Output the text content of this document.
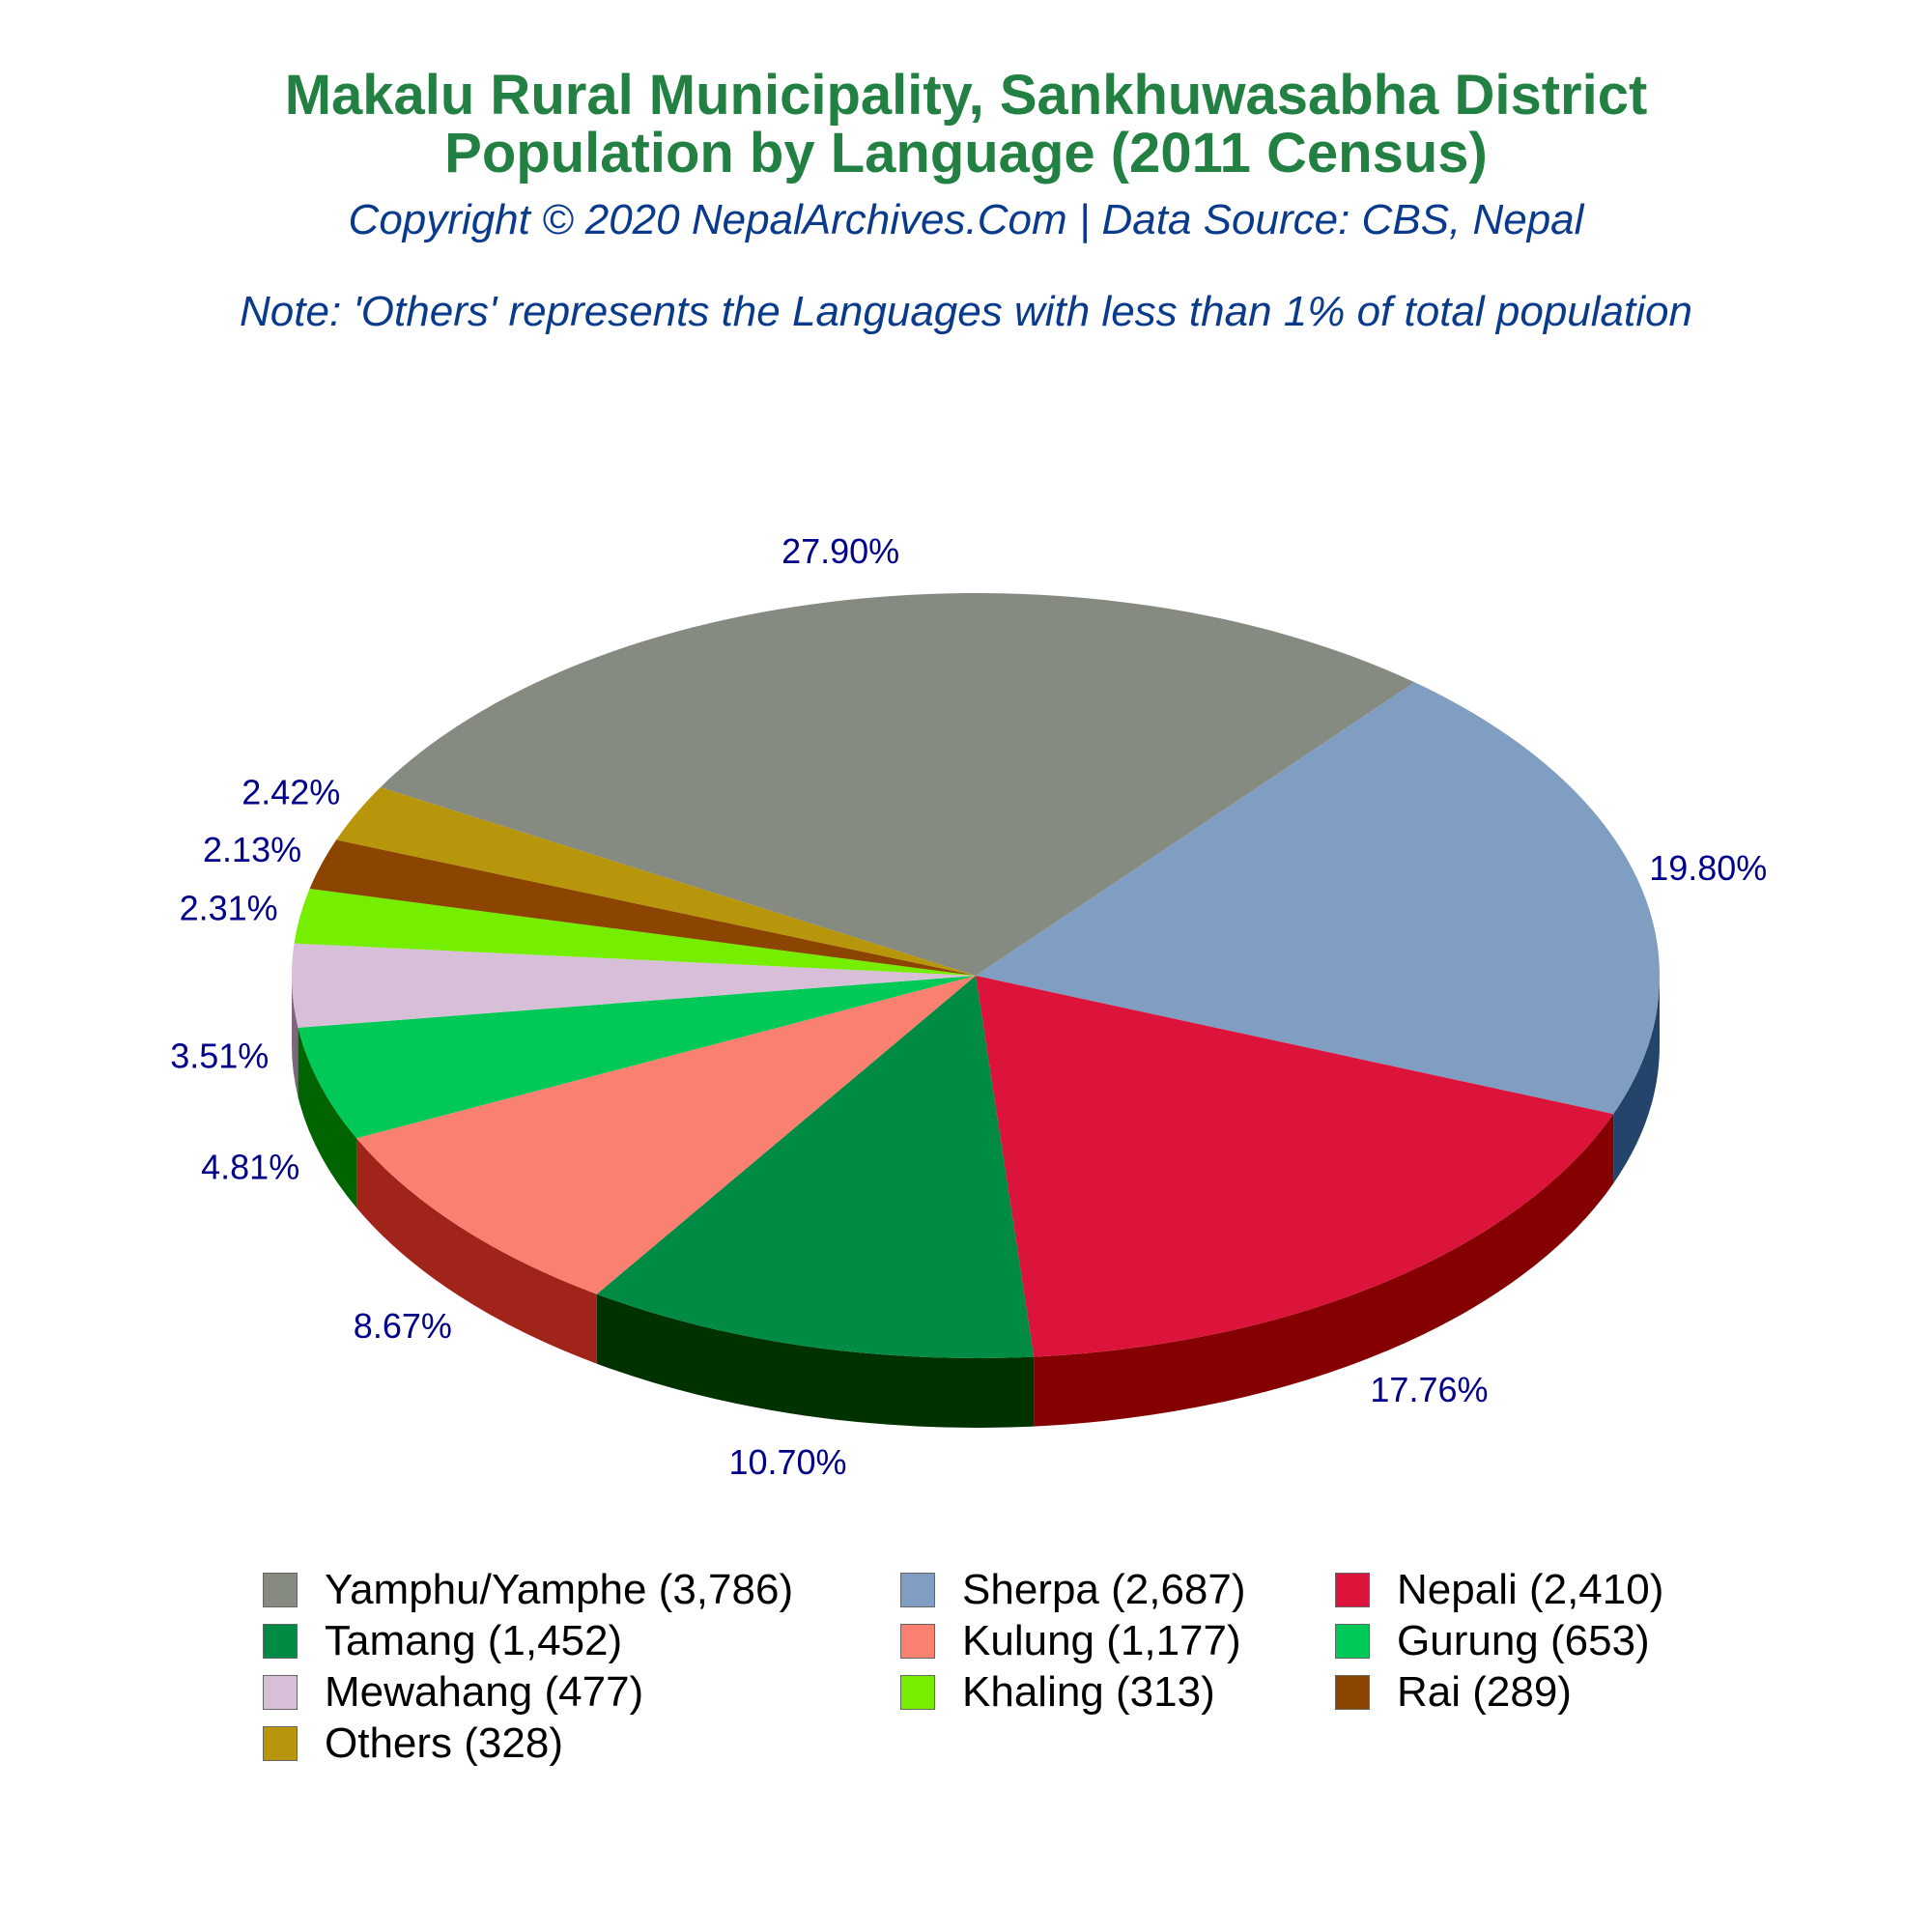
Makalu Rural Municipality, Sankhuwasabha District
Population by Language (2011 Census)
Copyright © 2020 NepalArchives.Com | Data Source: CBS, Nepal
Note: 'Others' represents the Languages with less than 1% of total population
27.90%
19.80%
17.76%
10.70%
8.67%
4.81%
3.51%
2.31%
2.13%
2.42%
Yamphu/Yamphe (3,786)	Sherpa (2,687)	Nepali (2,410)
Tamang (1,452)	Kulung (1,177)	Gurung (653)
Mewahang (477)	Khaling (313)	Rai (289)
Others (328)
